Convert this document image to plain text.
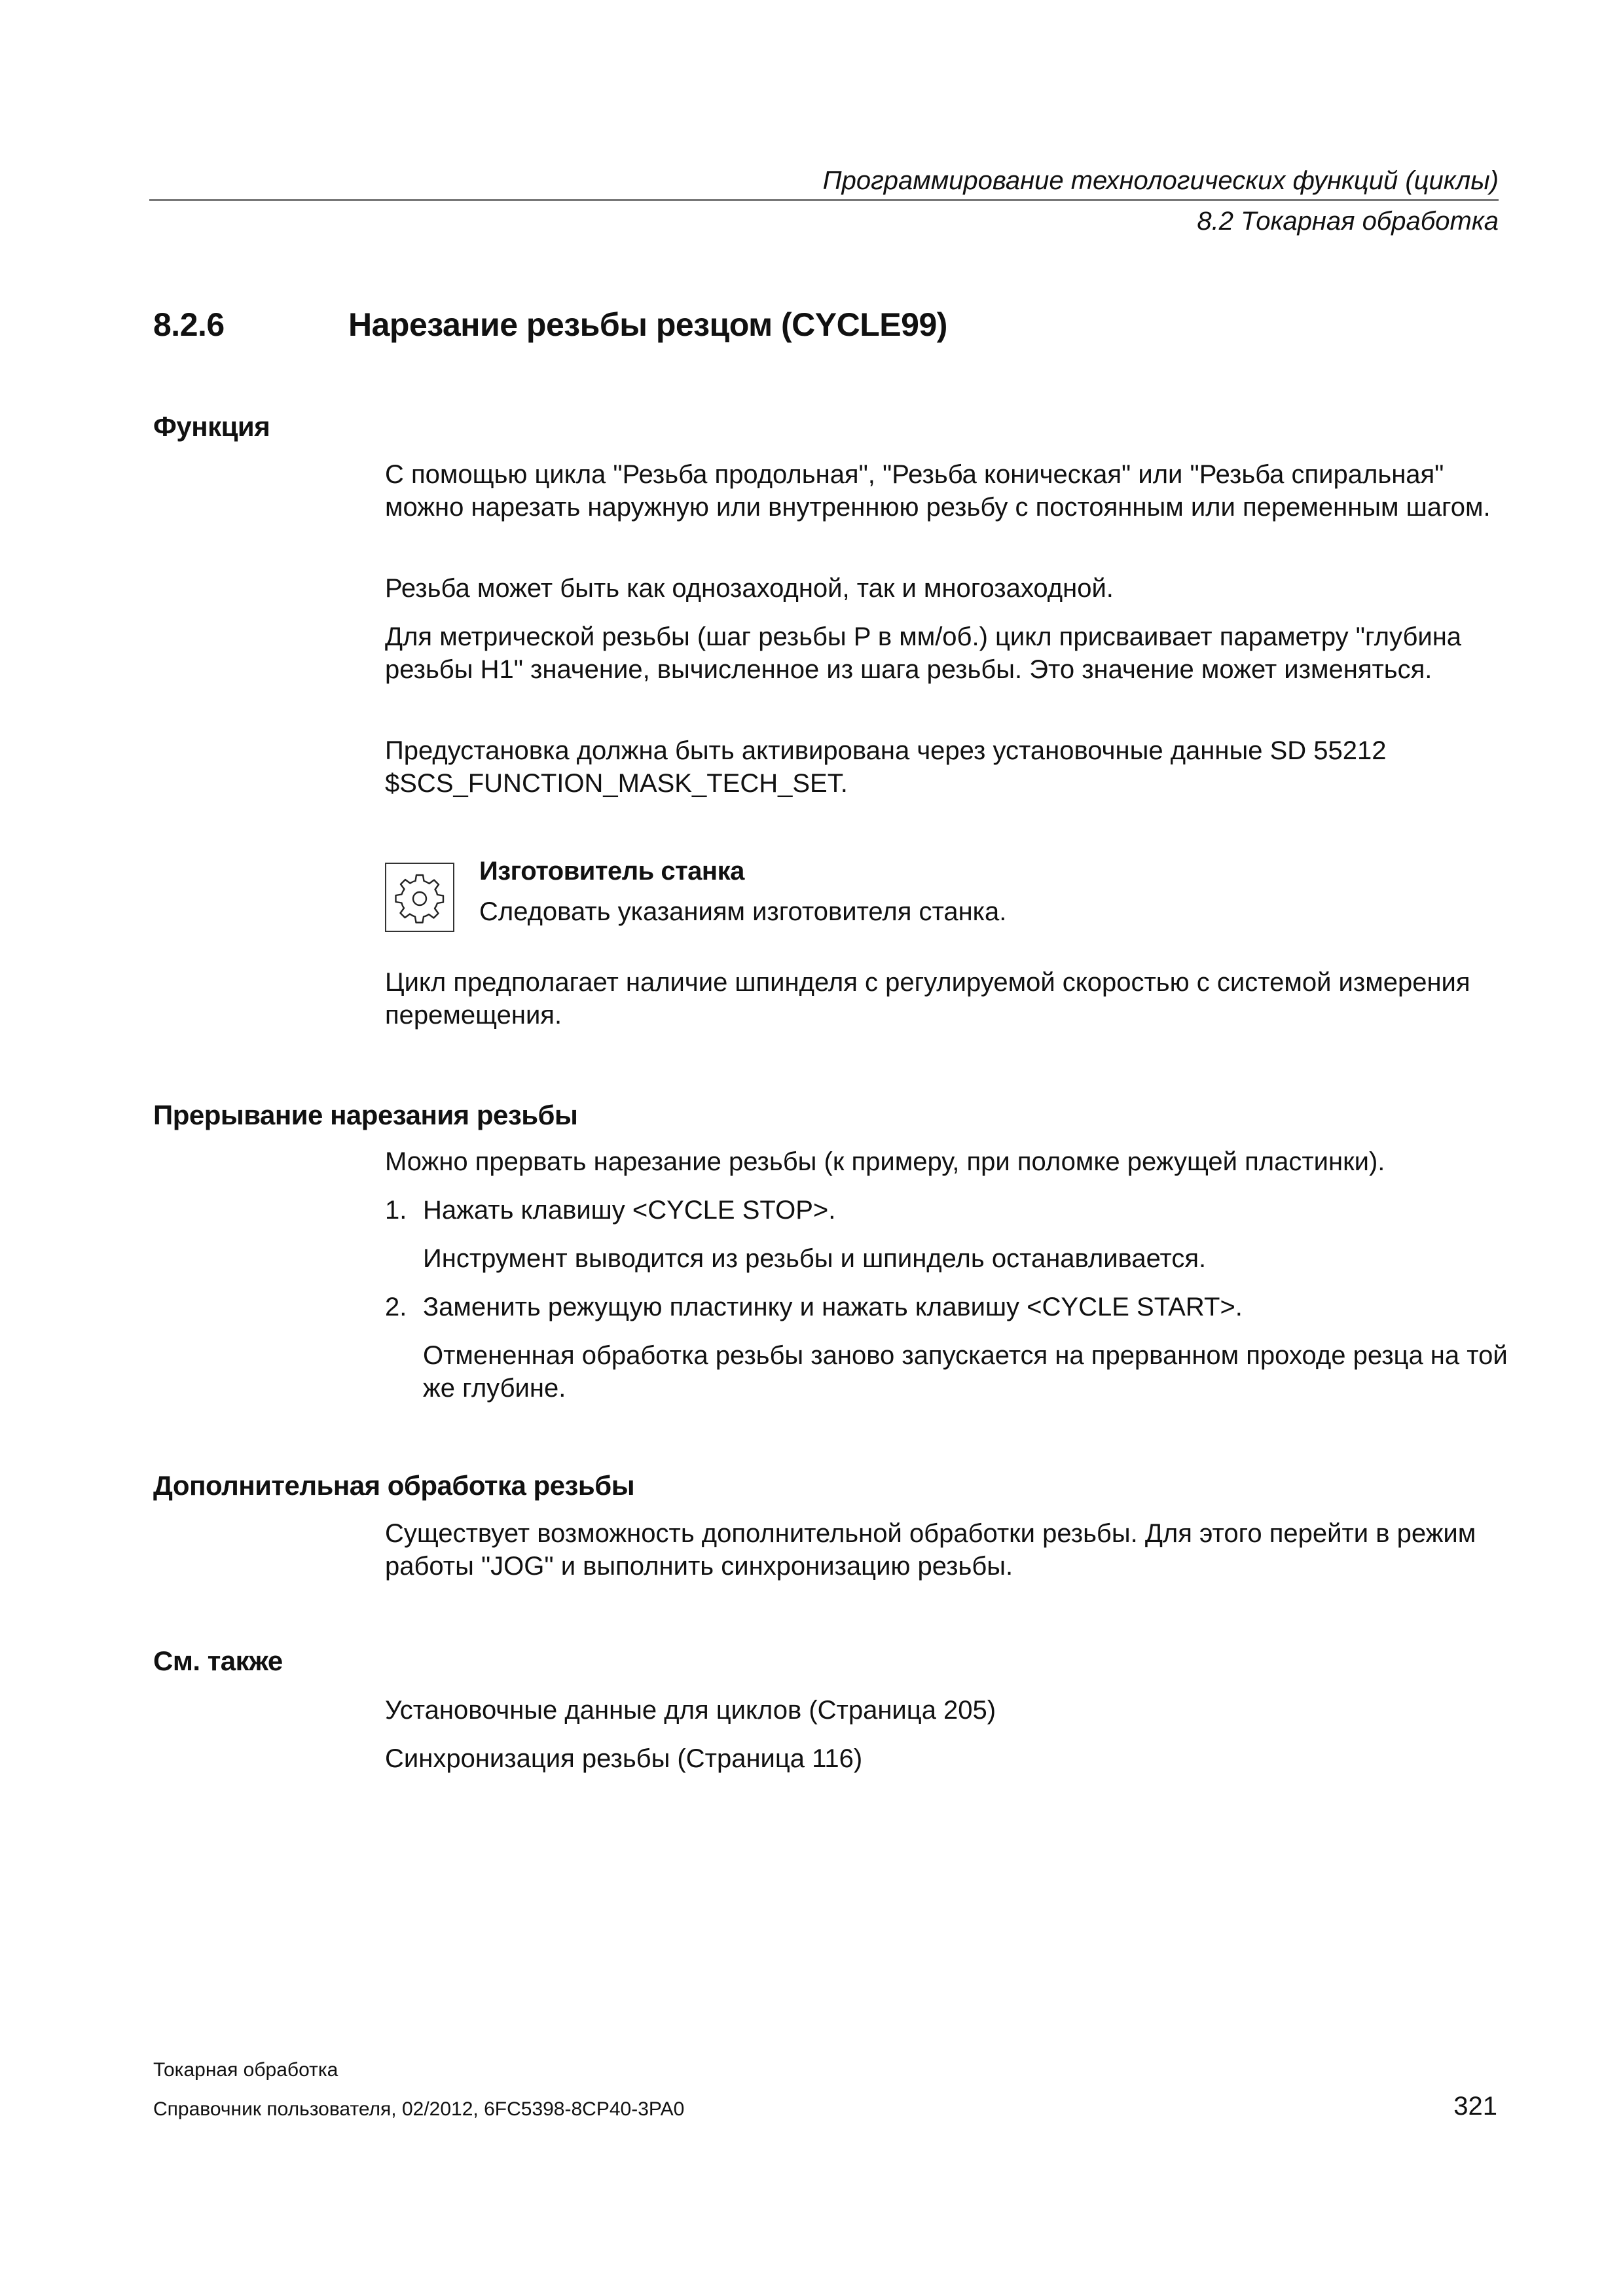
Программирование технологических функций (циклы)
8.2 Токарная обработка
8.2.6	Нарезание резьбы резцом (CYCLE99)
Функция

С помощью цикла "Резьба продольная", "Резьба коническая" или "Резьба спиральная" можно нарезать наружную или внутреннюю резьбу с постоянным или переменным шагом.

Резьба может быть как однозаходной, так и многозаходной.

Для метрической резьбы (шаг резьбы P в мм/об.) цикл присваивает параметру "глубина резьбы H1" значение, вычисленное из шага резьбы. Это значение может изменяться.

Предустановка должна быть активирована через установочные данные SD 55212 $SCS_FUNCTION_MASK_TECH_SET.

Изготовитель станка
Следовать указаниям изготовителя станка.

Цикл предполагает наличие шпинделя с регулируемой скоростью с системой измерения перемещения.

Прерывание нарезания резьбы
Можно прервать нарезание резьбы (к примеру, при поломке режущей пластинки).
1. Нажать клавишу <CYCLE STOP>.
Инструмент выводится из резьбы и шпиндель останавливается.
2. Заменить режущую пластинку и нажать клавишу <CYCLE START>.
Отмененная обработка резьбы заново запускается на прерванном проходе резца на той же глубине.
Дополнительная обработка резьбы
Существует возможность дополнительной обработки резьбы. Для этого перейти в режим работы "JOG" и выполнить синхронизацию резьбы.
См. также
Установочные данные для циклов (Страница 205)
Синхронизация резьбы (Страница 116)
Токарная обработка
Справочник пользователя, 02/2012, 6FC5398-8CP40-3PA0	321
